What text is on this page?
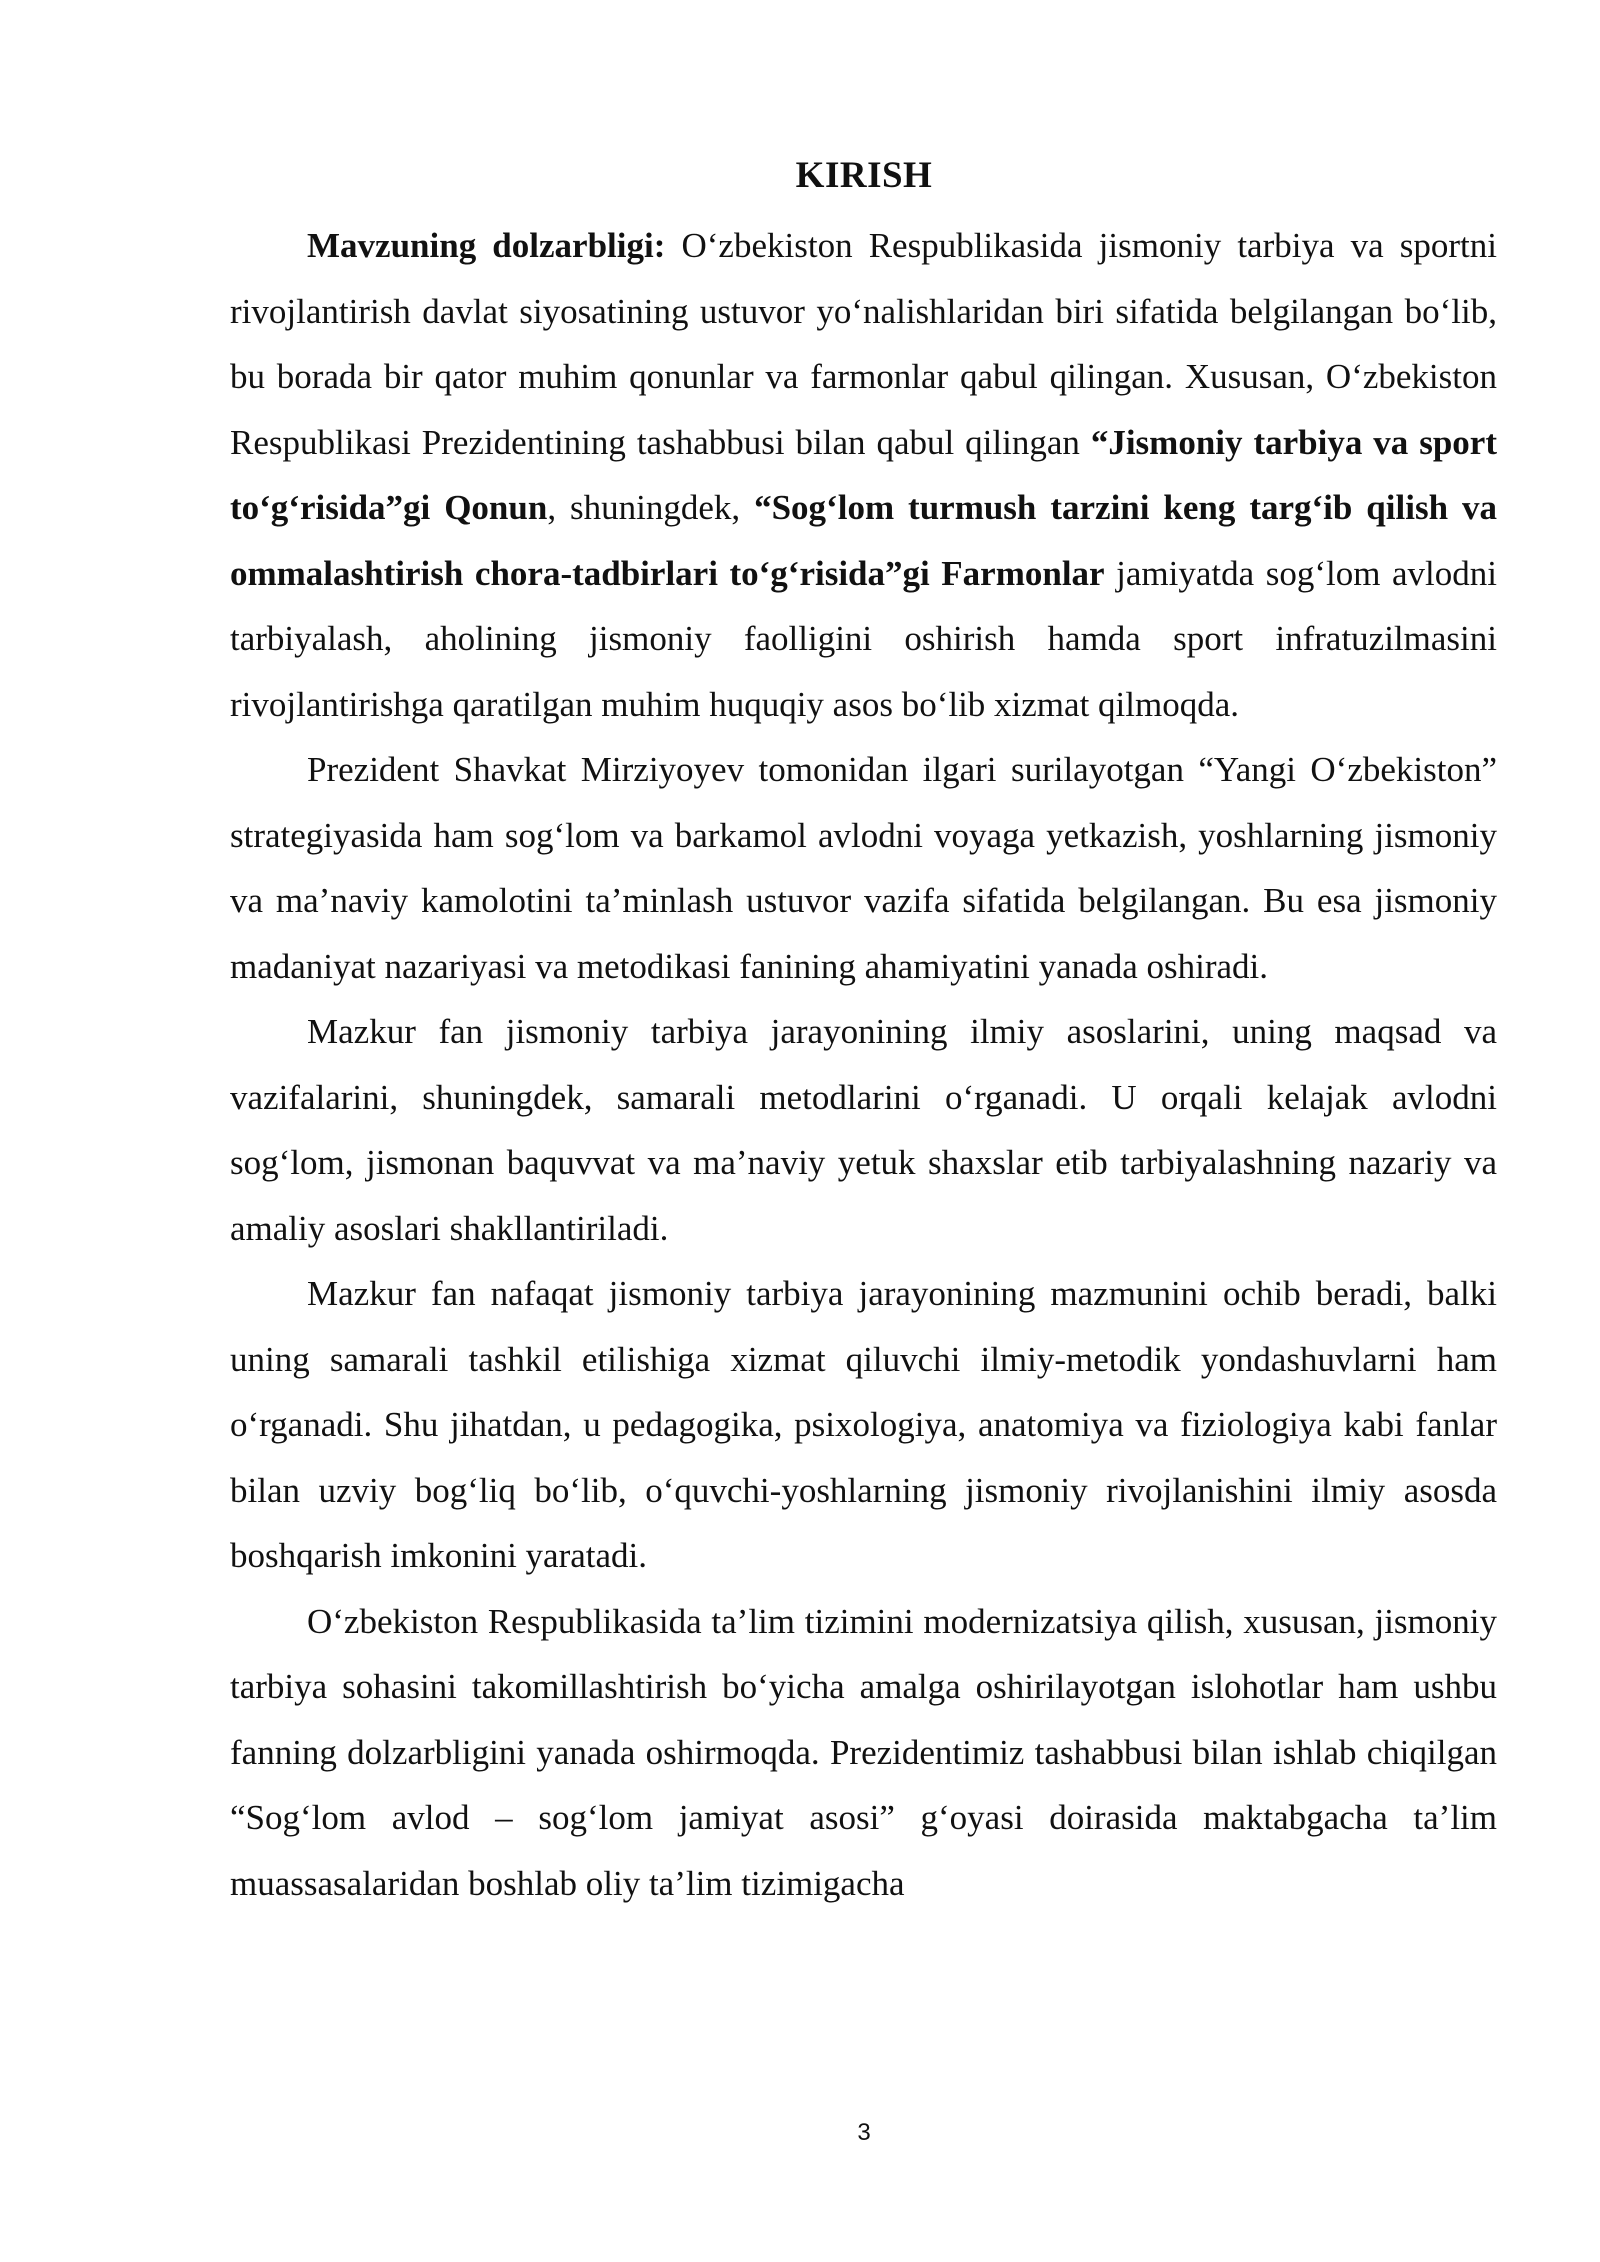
KIRISH

Mavzuning dolzarbligi: O‘zbekiston Respublikasida jismoniy tarbiya va sportni rivojlantirish davlat siyosatining ustuvor yo‘nalishlaridan biri sifatida belgilangan bo‘lib, bu borada bir qator muhim qonunlar va farmonlar qabul qilingan. Xususan, O‘zbekiston Respublikasi Prezidentining tashabbusi bilan qabul qilingan “Jismoniy tarbiya va sport to‘g‘risida”gi Qonun, shuningdek, “Sog‘lom turmush tarzini keng targ‘ib qilish va ommalashtirish chora-tadbirlari to‘g‘risida”gi Farmonlar jamiyatda sog‘lom avlodni tarbiyalash, aholining jismoniy faolligini oshirish hamda sport infratuzilmasini rivojlantirishga qaratilgan muhim huquqiy asos bo‘lib xizmat qilmoqda.

Prezident Shavkat Mirziyoyev tomonidan ilgari surilayotgan “Yangi O‘zbekiston” strategiyasida ham sog‘lom va barkamol avlodni voyaga yetkazish, yoshlarning jismoniy va ma’naviy kamolotini ta’minlash ustuvor vazifa sifatida belgilangan. Bu esa jismoniy madaniyat nazariyasi va metodikasi fanining ahamiyatini yanada oshiradi.

Mazkur fan jismoniy tarbiya jarayonining ilmiy asoslarini, uning maqsad va vazifalarini, shuningdek, samarali metodlarini o‘rganadi. U orqali kelajak avlodni sog‘lom, jismonan baquvvat va ma’naviy yetuk shaxslar etib tarbiyalashning nazariy va amaliy asoslari shakllantiriladi.

Mazkur fan nafaqat jismoniy tarbiya jarayonining mazmunini ochib beradi, balki uning samarali tashkil etilishiga xizmat qiluvchi ilmiy-metodik yondashuvlarni ham o‘rganadi. Shu jihatdan, u pedagogika, psixologiya, anatomiya va fiziologiya kabi fanlar bilan uzviy bog‘liq bo‘lib, o‘quvchi-yoshlarning jismoniy rivojlanishini ilmiy asosda boshqarish imkonini yaratadi.

O‘zbekiston Respublikasida ta’lim tizimini modernizatsiya qilish, xususan, jismoniy tarbiya sohasini takomillashtirish bo‘yicha amalga oshirilayotgan islohotlar ham ushbu fanning dolzarbligini yanada oshirmoqda. Prezidentimiz tashabbusi bilan ishlab chiqilgan “Sog‘lom avlod – sog‘lom jamiyat asosi” g‘oyasi doirasida maktabgacha ta’lim muassasalaridan boshlab oliy ta’lim tizimigacha

3
